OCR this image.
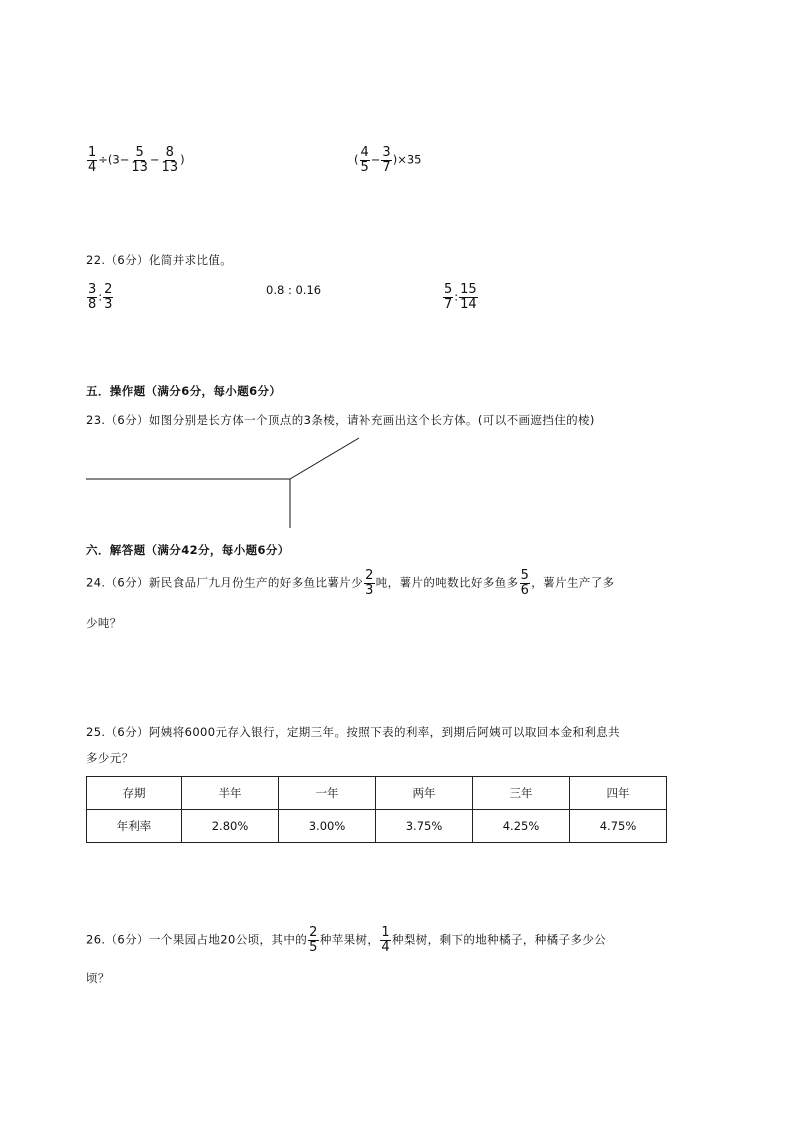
$\frac{1}{4} \div(3- \frac{5}{13} - \frac{8}{13}$ )	( $\frac{4}{5} - \frac{3}{7} )\times 35$
22.（6分）化简并求比值。
$\frac{3}{8}$ : $\frac{2}{3}$	0.8 : 0.16	$\frac{5}{7}$ : $\frac{15}{14}$
五．操作题（满分6分，每小题6分）
23.（6分）如图分别是长方体一个顶点的3条棱，请补充画出这个长方体。(可以不画遮挡住的棱)
六．解答题（满分42分，每小题6分）
24.（6分）新民食品厂九月份生产的好多鱼比薯片少 $\frac{2}{3}$ 吨，薯片的吨数比好多鱼多 $\frac{5}{6}$ ，薯片生产了多
少吨？
25.（6分）阿姨将6000元存入银行，定期三年。按照下表的利率，到期后阿姨可以取回本金和利息共
多少元？
存期	半年	一年	两年	三年	四年
年利率	2.80%	3.00%	3.75%	4.25%	4.75%
26.（6分）一个果园占地20公顷，其中的 $\frac{2}{5}$ 种苹果树， $\frac{1}{4}$ 种梨树，剩下的地种橘子，种橘子多少公
顷？
